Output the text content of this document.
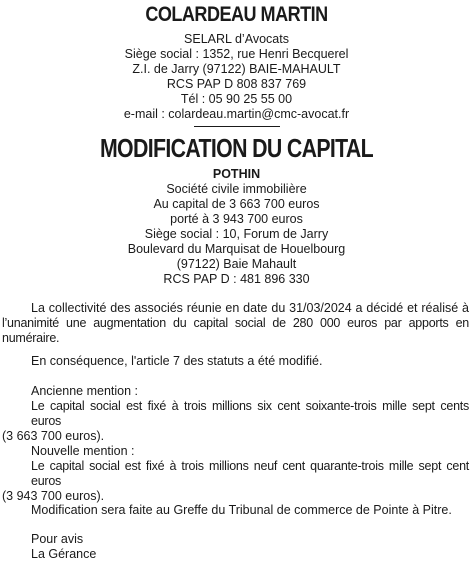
COLARDEAU MARTIN
SELARL d’Avocats
Siège social : 1352, rue Henri Becquerel
Z.I. de Jarry (97122) BAIE-MAHAULT
RCS PAP D 808 837 769
Tél : 05 90 25 55 00
e-mail : colardeau.martin@cmc-avocat.fr
MODIFICATION DU CAPITAL
POTHIN
Société civile immobilière
Au capital de 3 663 700 euros
porté à 3 943 700 euros
Siège social : 10, Forum de Jarry
Boulevard du Marquisat de Houelbourg
(97122) Baie Mahault
RCS PAP D : 481 896 330

La collectivité des associés réunie en date du 31/03/2024 a décidé et réalisé à

l’unanimité une augmentation du capital social de 280 000 euros par apports en numéraire.

En conséquence, l'article 7 des statuts a été modifié.

Ancienne mention :

Le capital social est fixé à trois millions six cent soixante-trois mille sept cents euros

(3 663 700 euros).

Nouvelle mention :

Le capital social est fixé à trois millions neuf cent quarante-trois mille sept cent euros

(3 943 700 euros).

Modification sera faite au Greffe du Tribunal de commerce de Pointe à Pitre.

Pour avis

La Gérance
